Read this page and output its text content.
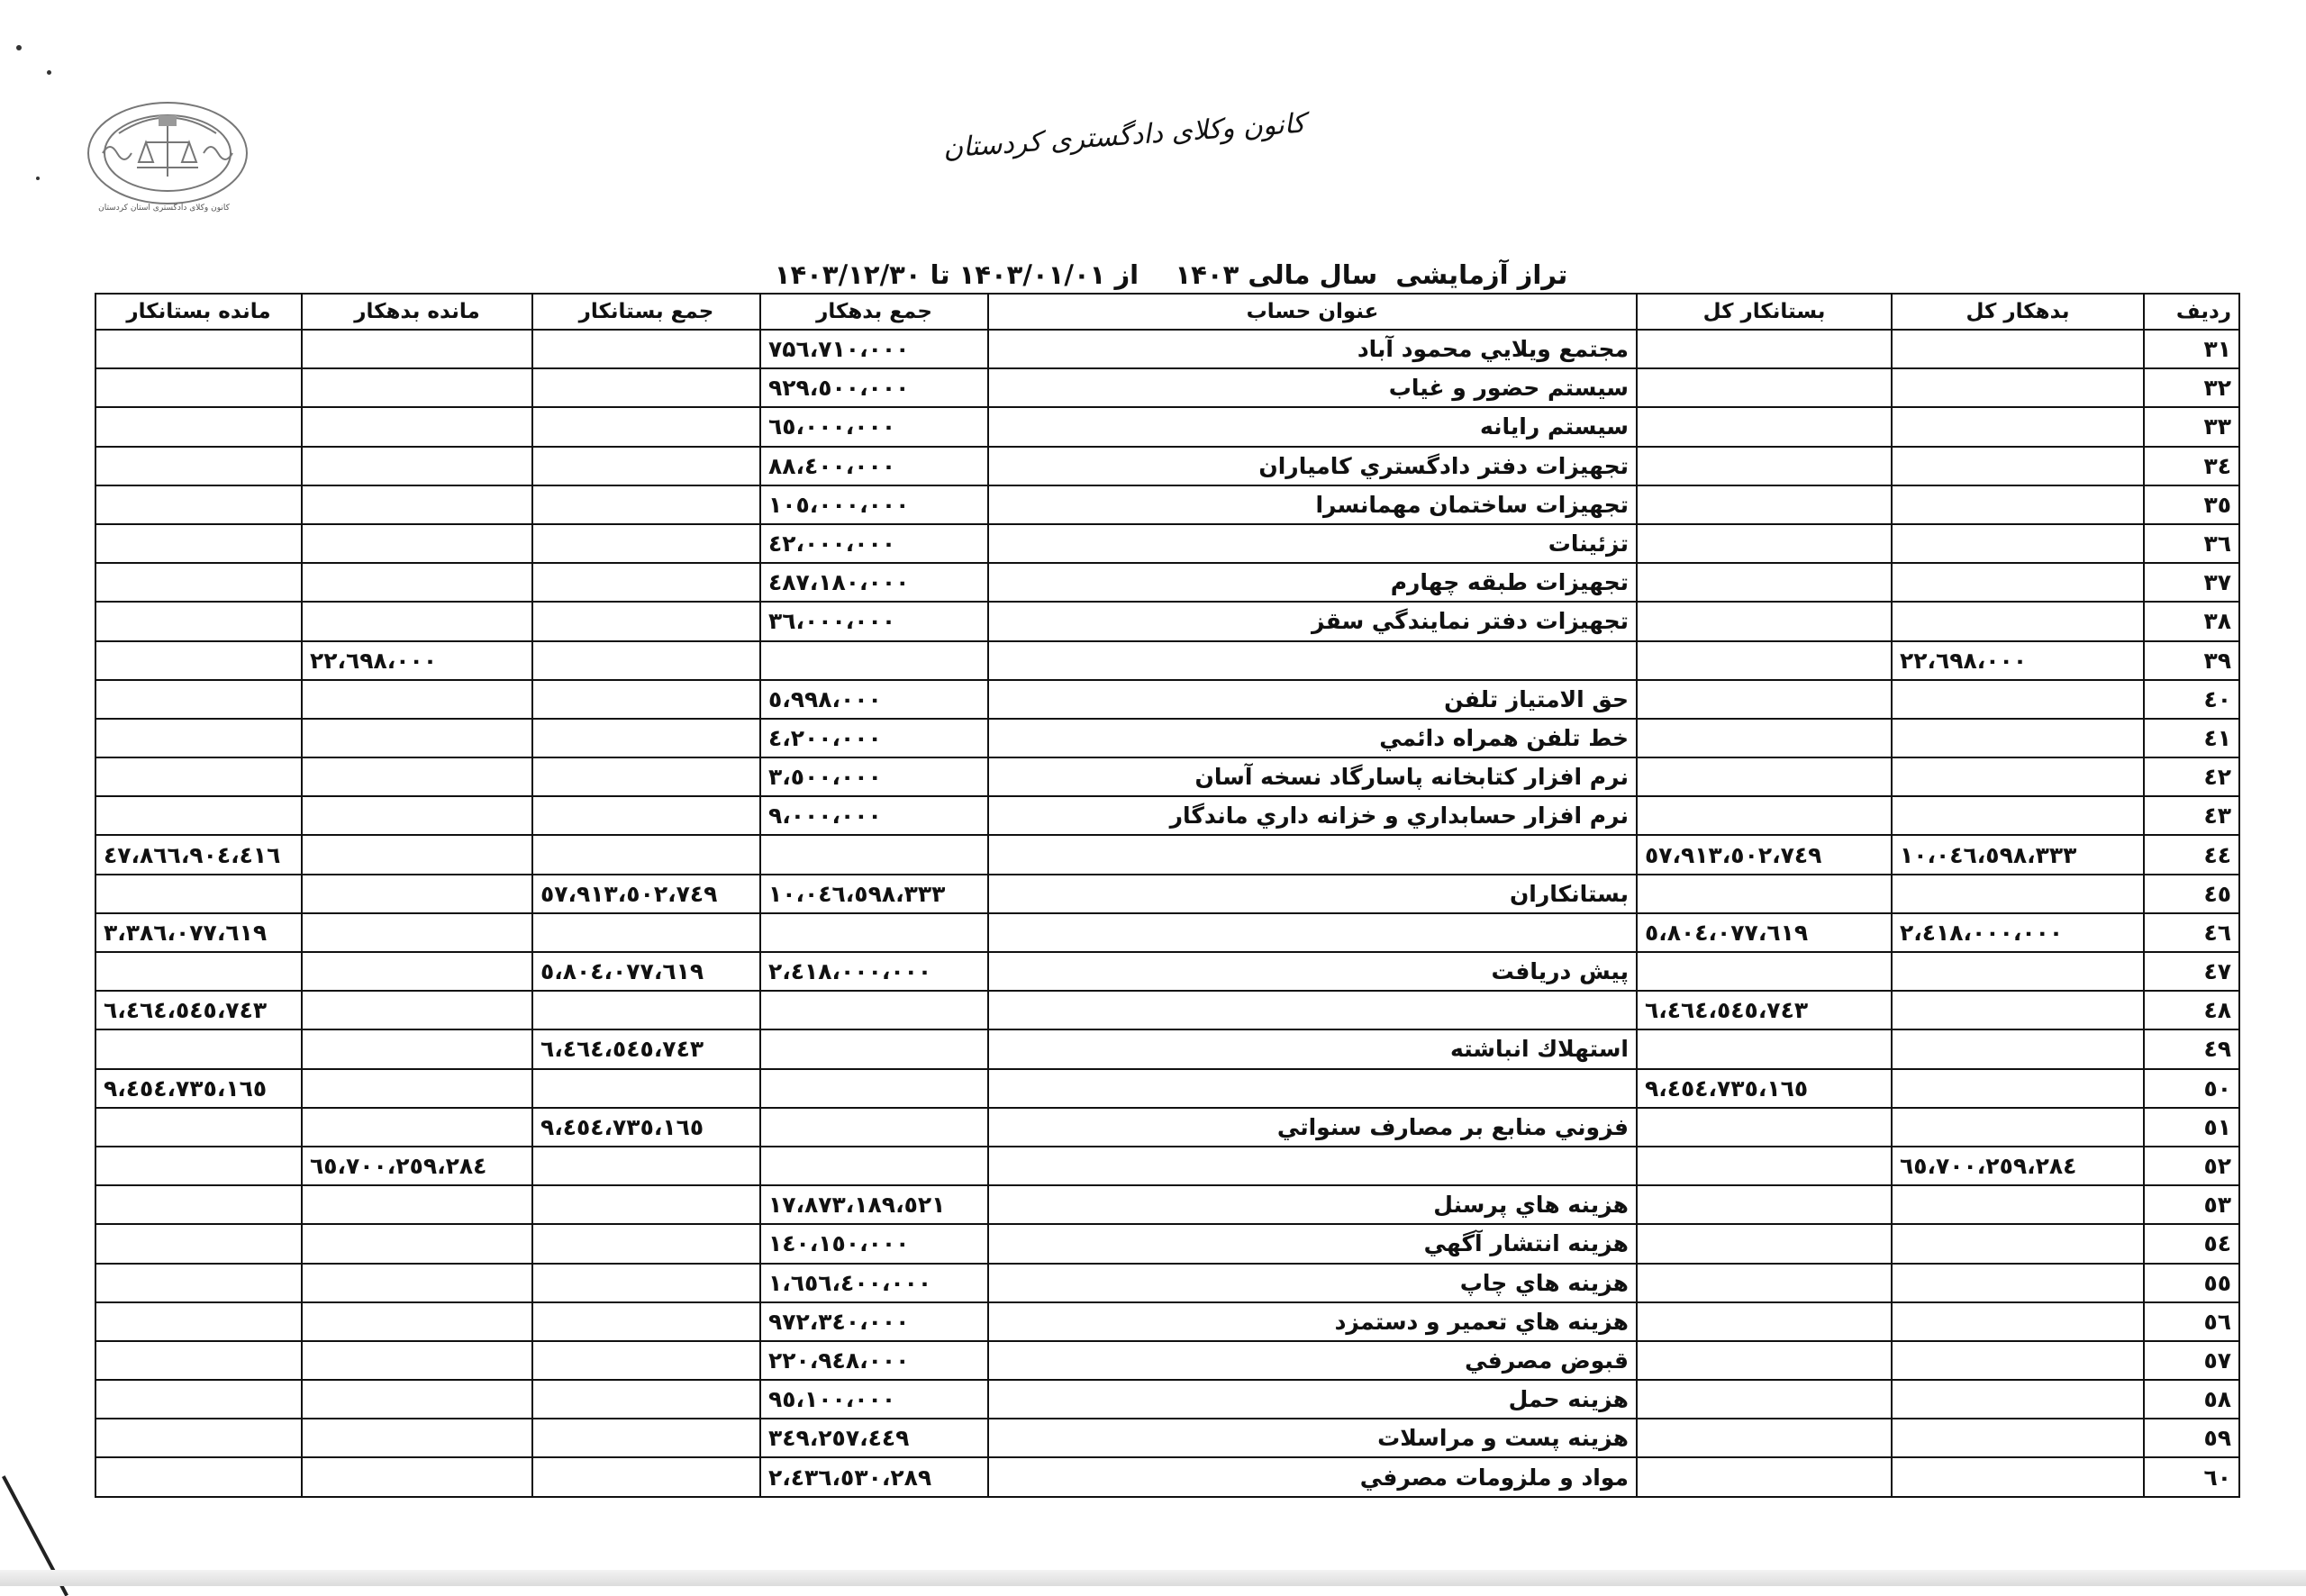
کانون وکلای دادگستری استان کردستان
کانون وکلای دادگستری کردستان
تراز آزمایشی  سال مالی ۱۴۰۳    از ۱۴۰۳/۰۱/۰۱ تا ۱۴۰۳/۱۲/۳۰
ردیف	بدهکار کل	بستانکار کل	عنوان حساب	جمع بدهکار	جمع بستانکار	مانده بدهکار	مانده بستانکار
۳۱			مجتمع ویلایي محمود آباد	۷۵٦،۷۱۰،۰۰۰			
۳۲			سیستم حضور و غیاب	۹۲۹،٥۰۰،۰۰۰			
۳۳			سیستم رایانه	٦٥،۰۰۰،۰۰۰			
۳٤			تجهیزات دفتر دادگستري کامیاران	۸۸،٤۰۰،۰۰۰			
۳٥			تجهیزات ساختمان مهمانسرا	۱۰٥،۰۰۰،۰۰۰			
۳٦			تزئینات	٤۲،۰۰۰،۰۰۰			
۳۷			تجهیزات طبقه چهارم	٤۸۷،۱۸۰،۰۰۰			
۳۸			تجهیزات دفتر نمایندگي سقز	۳٦،۰۰۰،۰۰۰			
۳۹	۲۲،٦۹۸،۰۰۰					۲۲،٦۹۸،۰۰۰	
٤۰			حق الامتیاز تلفن	٥،۹۹۸،۰۰۰			
٤۱			خط تلفن همراه دائمي	٤،۲۰۰،۰۰۰			
٤۲			نرم افزار کتابخانه پاسارگاد نسخه آسان	۳،٥۰۰،۰۰۰			
٤۳			نرم افزار حسابداري و خزانه داري ماندگار	۹،۰۰۰،۰۰۰			
٤٤	۱۰،۰٤٦،٥۹۸،۳۳۳	٥۷،۹۱۳،٥۰۲،۷٤۹					٤۷،۸٦٦،۹۰٤،٤۱٦
٤٥			بستانکاران	۱۰،۰٤٦،٥۹۸،۳۳۳	٥۷،۹۱۳،٥۰۲،۷٤۹		
٤٦	۲،٤۱۸،۰۰۰،۰۰۰	٥،۸۰٤،۰۷۷،٦۱۹					۳،۳۸٦،۰۷۷،٦۱۹
٤۷			پیش دریافت	۲،٤۱۸،۰۰۰،۰۰۰	٥،۸۰٤،۰۷۷،٦۱۹		
٤۸		٦،٤٦٤،٥٤٥،۷٤۳					٦،٤٦٤،٥٤٥،۷٤۳
٤۹			استهلاك انباشته		٦،٤٦٤،٥٤٥،۷٤۳		
٥۰		۹،٤٥٤،۷۳٥،۱٦٥					۹،٤٥٤،۷۳٥،۱٦٥
٥۱			فزوني منابع بر مصارف سنواتي		۹،٤٥٤،۷۳٥،۱٦٥		
٥۲	٦٥،۷۰۰،۲٥۹،۲۸٤					٦٥،۷۰۰،۲٥۹،۲۸٤	
٥۳			هزینه هاي پرسنل	۱۷،۸۷۳،۱۸۹،٥۲۱			
٥٤			هزینه انتشار آگهي	۱٤۰،۱٥۰،۰۰۰			
٥٥			هزینه هاي چاپ	۱،٦٥٦،٤۰۰،۰۰۰			
٥٦			هزینه هاي تعمیر و دستمزد	۹۷۲،۳٤۰،۰۰۰			
٥۷			قبوض مصرفي	۲۲۰،۹٤۸،۰۰۰			
٥۸			هزینه حمل	۹٥،۱۰۰،۰۰۰			
٥۹			هزینه پست و مراسلات	۳٤۹،۲٥۷،٤٤۹			
٦۰			مواد و ملزومات مصرفي	۲،٤۳٦،٥۳۰،۲۸۹			
